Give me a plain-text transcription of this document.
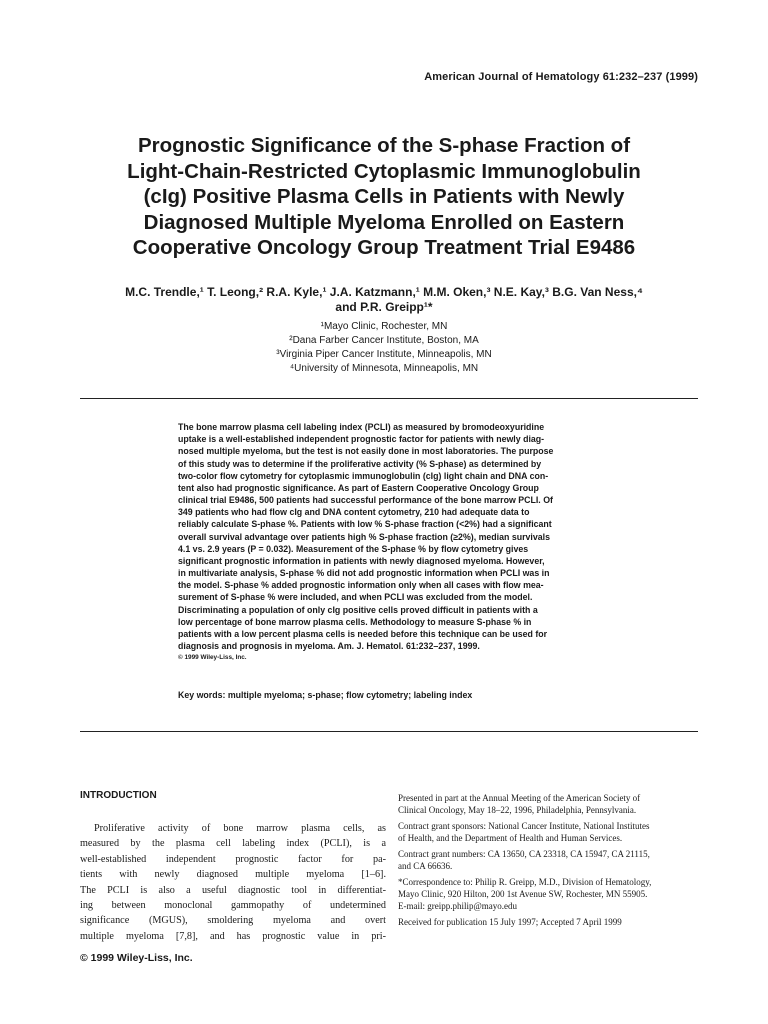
American Journal of Hematology 61:232–237 (1999)
Prognostic Significance of the S-phase Fraction of
Light-Chain-Restricted Cytoplasmic Immunoglobulin
(cIg) Positive Plasma Cells in Patients with Newly
Diagnosed Multiple Myeloma Enrolled on Eastern
Cooperative Oncology Group Treatment Trial E9486
M.C. Trendle,¹ T. Leong,² R.A. Kyle,¹ J.A. Katzmann,¹ M.M. Oken,³ N.E. Kay,³ B.G. Van Ness,⁴
and P.R. Greipp¹*
¹Mayo Clinic, Rochester, MN
²Dana Farber Cancer Institute, Boston, MA
³Virginia Piper Cancer Institute, Minneapolis, MN
⁴University of Minnesota, Minneapolis, MN
The bone marrow plasma cell labeling index (PCLI) as measured by bromodeoxyuridine
uptake is a well-established independent prognostic factor for patients with newly diag-
nosed multiple myeloma, but the test is not easily done in most laboratories. The purpose
of this study was to determine if the proliferative activity (% S-phase) as determined by
two-color flow cytometry for cytoplasmic immunoglobulin (cIg) light chain and DNA con-
tent also had prognostic significance. As part of Eastern Cooperative Oncology Group
clinical trial E9486, 500 patients had successful performance of the bone marrow PCLI. Of
349 patients who had flow cIg and DNA content cytometry, 210 had adequate data to
reliably calculate S-phase %. Patients with low % S-phase fraction (<2%) had a significant
overall survival advantage over patients high % S-phase fraction (≥2%), median survivals
4.1 vs. 2.9 years (P = 0.032). Measurement of the S-phase % by flow cytometry gives
significant prognostic information in patients with newly diagnosed myeloma. However,
in multivariate analysis, S-phase % did not add prognostic information when PCLI was in
the model. S-phase % added prognostic information only when all cases with flow mea-
surement of S-phase % were included, and when PCLI was excluded from the model.
Discriminating a population of only cIg positive cells proved difficult in patients with a
low percentage of bone marrow plasma cells. Methodology to measure S-phase % in
patients with a low percent plasma cells is needed before this technique can be used for
diagnosis and prognosis in myeloma. Am. J. Hematol. 61:232–237, 1999.
© 1999 Wiley-Liss, Inc.
Key words: multiple myeloma; s-phase; flow cytometry; labeling index
INTRODUCTION
Proliferative activity of bone marrow plasma cells, as
measured by the plasma cell labeling index (PCLI), is a
well-established independent prognostic factor for pa-
tients with newly diagnosed multiple myeloma [1–6].
The PCLI is also a useful diagnostic tool in differentiat-
ing between monoclonal gammopathy of undetermined
significance (MGUS), smoldering myeloma and overt
multiple myeloma [7,8], and has prognostic value in pri-
© 1999 Wiley-Liss, Inc.
Presented in part at the Annual Meeting of the American Society of
Clinical Oncology, May 18–22, 1996, Philadelphia, Pennsylvania.
Contract grant sponsors: National Cancer Institute, National Institutes
of Health, and the Department of Health and Human Services.
Contract grant numbers: CA 13650, CA 23318, CA 15947, CA 21115,
and CA 66636.
*Correspondence to: Philip R. Greipp, M.D., Division of Hematology,
Mayo Clinic, 920 Hilton, 200 1st Avenue SW, Rochester, MN 55905.
E-mail: greipp.philip@mayo.edu
Received for publication 15 July 1997; Accepted 7 April 1999
